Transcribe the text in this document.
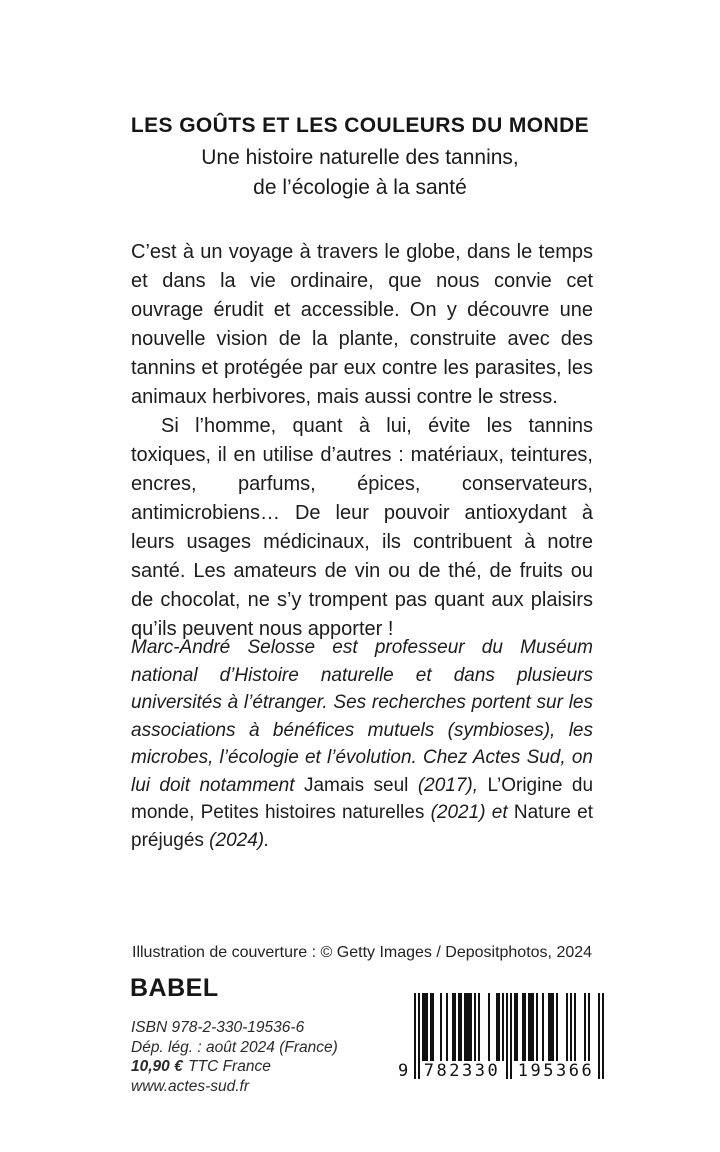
LES GOÛTS ET LES COULEURS DU MONDE
Une histoire naturelle des tannins,
de l’écologie à la santé

C’est à un voyage à travers le globe, dans le temps et dans la vie ordinaire, que nous convie cet ouvrage érudit et accessible. On y découvre une nouvelle vision de la plante, construite avec des tannins et protégée par eux contre les parasites, les animaux herbivores, mais aussi contre le stress.

Si l’homme, quant à lui, évite les tannins toxiques, il en utilise d’autres : matériaux, teintures, encres, parfums, épices, conservateurs, antimicrobiens… De leur pouvoir antioxydant à leurs usages médicinaux, ils contribuent à notre santé. Les amateurs de vin ou de thé, de fruits ou de chocolat, ne s’y trompent pas quant aux plaisirs qu’ils peuvent nous apporter !

Marc-André Selosse est professeur du Muséum national d’Histoire naturelle et dans plusieurs universités à l’étranger. Ses recherches portent sur les associations à bénéfices mutuels (symbioses), les microbes, l’écologie et l’évolution. Chez Actes Sud, on lui doit notamment Jamais seul (2017), L’Origine du monde, Petites histoires naturelles (2021) et Nature et préjugés (2024).
Illustration de couverture : © Getty Images / Depositphotos, 2024
BABEL
ISBN 978-2-330-19536-6
Dép. lég. : août 2024 (France)
10,90 € TTC France
www.actes-sud.fr
9 782330 195366
